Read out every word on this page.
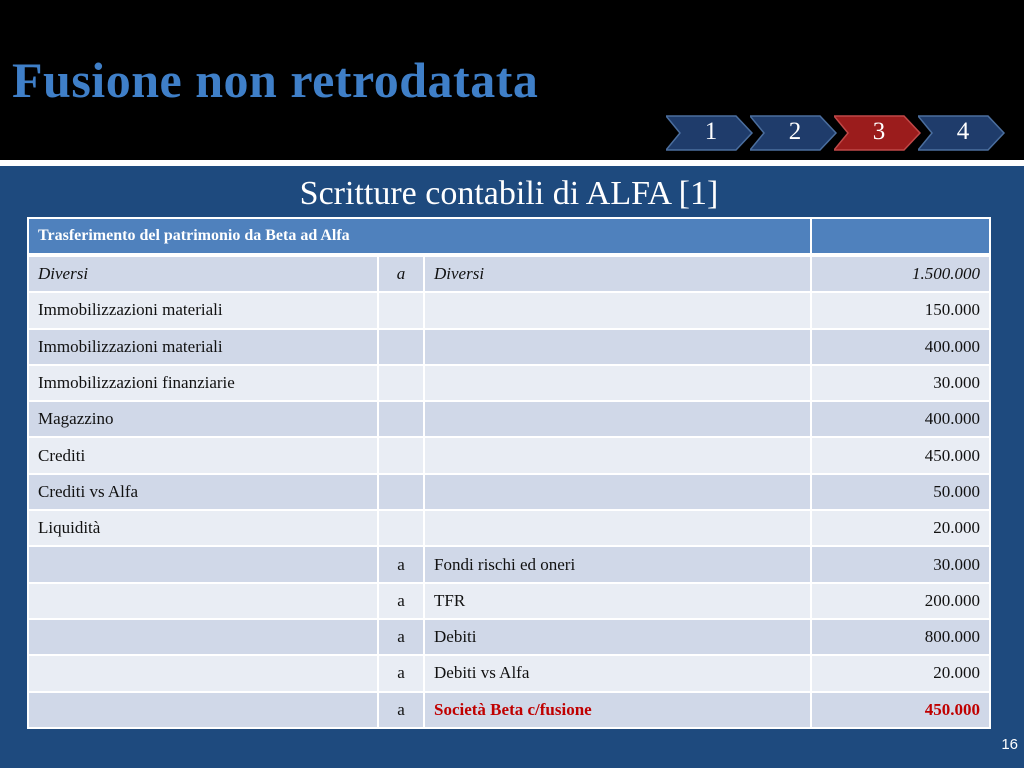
Fusione non retrodatata
1	2	3	4
Scritture contabili di ALFA [1]
Trasferimento del patrimonio da Beta ad Alfa			
Diversi	a	Diversi	1.500.000
Immobilizzazioni materiali			150.000
Immobilizzazioni materiali			400.000
Immobilizzazioni finanziarie			30.000
Magazzino			400.000
Crediti			450.000
Crediti vs Alfa			50.000
Liquidità			20.000
	a	Fondi rischi ed oneri	30.000
	a	TFR	200.000
	a	Debiti	800.000
	a	Debiti vs Alfa	20.000
	a	Società Beta c/fusione	450.000
16
